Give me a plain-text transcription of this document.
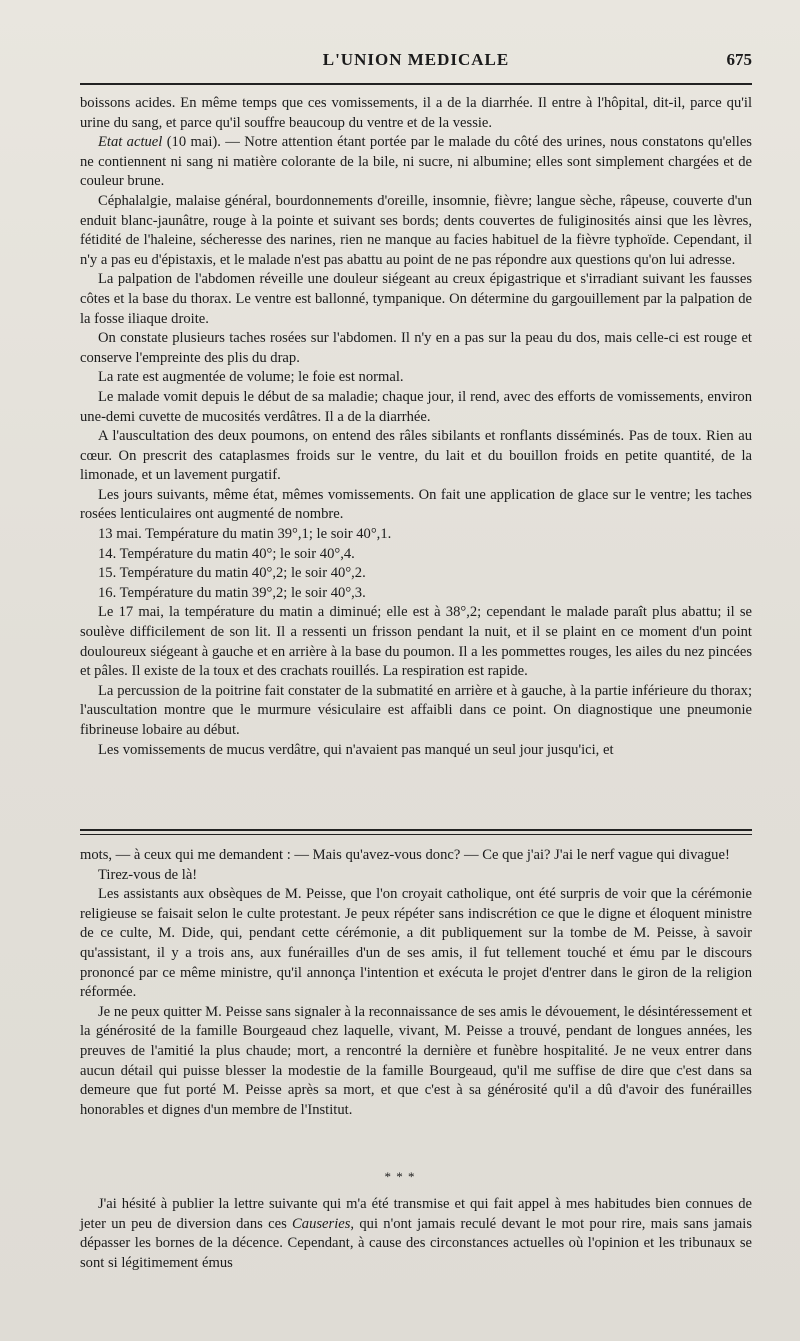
L'UNION MEDICALE	675

boissons acides. En même temps que ces vomissements, il a de la diarrhée. Il entre à l'hôpital, dit-il, parce qu'il urine du sang, et parce qu'il souffre beaucoup du ventre et de la vessie.

Etat actuel (10 mai). — Notre attention étant portée par le malade du côté des urines, nous constatons qu'elles ne contiennent ni sang ni matière colorante de la bile, ni sucre, ni albumine; elles sont simplement chargées et de couleur brune.

Céphalalgie, malaise général, bourdonnements d'oreille, insomnie, fièvre; langue sèche, râpeuse, couverte d'un enduit blanc-jaunâtre, rouge à la pointe et suivant ses bords; dents couvertes de fuliginosités ainsi que les lèvres, fétidité de l'haleine, sécheresse des narines, rien ne manque au facies habituel de la fièvre typhoïde. Cependant, il n'y a pas eu d'épistaxis, et le malade n'est pas abattu au point de ne pas répondre aux questions qu'on lui adresse.

La palpation de l'abdomen réveille une douleur siégeant au creux épigastrique et s'irradiant suivant les fausses côtes et la base du thorax. Le ventre est ballonné, tympanique. On détermine du gargouillement par la palpation de la fosse iliaque droite.

On constate plusieurs taches rosées sur l'abdomen. Il n'y en a pas sur la peau du dos, mais celle-ci est rouge et conserve l'empreinte des plis du drap.

La rate est augmentée de volume; le foie est normal.

Le malade vomit depuis le début de sa maladie; chaque jour, il rend, avec des efforts de vomissements, environ une-demi cuvette de mucosités verdâtres. Il a de la diarrhée.

A l'auscultation des deux poumons, on entend des râles sibilants et ronflants disséminés. Pas de toux. Rien au cœur. On prescrit des cataplasmes froids sur le ventre, du lait et du bouillon froids en petite quantité, de la limonade, et un lavement purgatif.

Les jours suivants, même état, mêmes vomissements. On fait une application de glace sur le ventre; les taches rosées lenticulaires ont augmenté de nombre.

13 mai. Température du matin 39°,1; le soir 40°,1.

14. Température du matin 40°; le soir 40°,4.

15. Température du matin 40°,2; le soir 40°,2.

16. Température du matin 39°,2; le soir 40°,3.

Le 17 mai, la température du matin a diminué; elle est à 38°,2; cependant le malade paraît plus abattu; il se soulève difficilement de son lit. Il a ressenti un frisson pendant la nuit, et il se plaint en ce moment d'un point douloureux siégeant à gauche et en arrière à la base du poumon. Il a les pommettes rouges, les ailes du nez pincées et pâles. Il existe de la toux et des crachats rouillés. La respiration est rapide.

La percussion de la poitrine fait constater de la submatité en arrière et à gauche, à la partie inférieure du thorax; l'auscultation montre que le murmure vésiculaire est affaibli dans ce point. On diagnostique une pneumonie fibrineuse lobaire au début.

Les vomissements de mucus verdâtre, qui n'avaient pas manqué un seul jour jusqu'ici, et

mots, — à ceux qui me demandent : — Mais qu'avez-vous donc? — Ce que j'ai? J'ai le nerf vague qui divague!

Tirez-vous de là!

Les assistants aux obsèques de M. Peisse, que l'on croyait catholique, ont été surpris de voir que la cérémonie religieuse se faisait selon le culte protestant. Je peux répéter sans indiscrétion ce que le digne et éloquent ministre de ce culte, M. Dide, qui, pendant cette cérémonie, a dit publiquement sur la tombe de M. Peisse, à savoir qu'assistant, il y a trois ans, aux funérailles d'un de ses amis, il fut tellement touché et ému par le discours prononcé par ce même ministre, qu'il annonça l'intention et exécuta le projet d'entrer dans le giron de la religion réformée.

Je ne peux quitter M. Peisse sans signaler à la reconnaissance de ses amis le dévouement, le désintéressement et la générosité de la famille Bourgeaud chez laquelle, vivant, M. Peisse a trouvé, pendant de longues années, les preuves de l'amitié la plus chaude; mort, a rencontré la dernière et funèbre hospitalité. Je ne veux entrer dans aucun détail qui puisse blesser la modestie de la famille Bourgeaud, qu'il me suffise de dire que c'est dans sa demeure que fut porté M. Peisse après sa mort, et que c'est à sa générosité qu'il a dû d'avoir des funérailles honorables et dignes d'un membre de l'Institut.

* * *

J'ai hésité à publier la lettre suivante qui m'a été transmise et qui fait appel à mes habitudes bien connues de jeter un peu de diversion dans ces Causeries, qui n'ont jamais reculé devant le mot pour rire, mais sans jamais dépasser les bornes de la décence. Cependant, à cause des circonstances actuelles où l'opinion et les tribunaux se sont si légitimement émus
